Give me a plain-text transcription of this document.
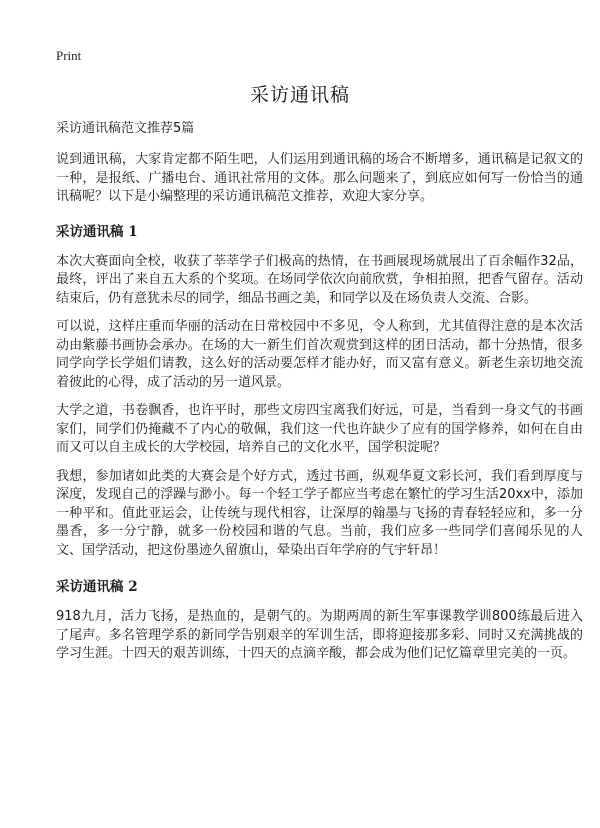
Print
采访通讯稿

采访通讯稿范文推荐5篇

说到通讯稿，大家肯定都不陌生吧，人们运用到通讯稿的场合不断增多，通讯稿是记叙文的一种，是报纸、广播电台、通讯社常用的文体。那么问题来了，到底应如何写一份恰当的通讯稿呢？以下是小编整理的采访通讯稿范文推荐，欢迎大家分享。

采访通讯稿 1

本次大赛面向全校，收获了莘莘学子们极高的热情，在书画展现场就展出了百余幅作32品，最终，评出了来自五大系的个奖项。在场同学依次向前欣赏，争相拍照，把香气留存。活动结束后，仍有意犹未尽的同学，细品书画之美，和同学以及在场负责人交流、合影。

可以说，这样庄重而华丽的活动在日常校园中不多见，令人称到，尤其值得注意的是本次活动由紫藤书画协会承办。在场的大一新生们首次观赏到这样的团日活动，都十分热情，很多同学向学长学姐们请教，这么好的活动要怎样才能办好，而又富有意义。新老生亲切地交流着彼此的心得，成了活动的另一道风景。

大学之道，书卷飘香，也许平时，那些文房四宝离我们好远，可是，当看到一身文气的书画家们，同学们仍掩藏不了内心的敬佩，我们这一代也许缺少了应有的国学修养，如何在自由而又可以自主成长的大学校园，培养自己的文化水平，国学积淀呢？

我想，参加诸如此类的大赛会是个好方式，透过书画，纵观华夏文彩长河，我们看到厚度与深度，发现自己的浮躁与渺小。每一个轻工学子都应当考虑在繁忙的学习生活20xx中，添加一种平和。值此亚运会，让传统与现代相容，让深厚的翰墨与飞扬的青春轻轻应和，多一分墨香，多一分宁静，就多一份校园和谐的气息。当前，我们应多一些同学们喜闻乐见的人文、国学活动，把这份墨迹久留旗山，晕染出百年学府的气宇轩昂！

采访通讯稿 2

918九月，活力飞扬，是热血的，是朝气的。为期两周的新生军事课教学训800练最后进入了尾声。多名管理学系的新同学告别艰辛的军训生活，即将迎接那多彩、同时又充满挑战的学习生涯。十四天的艰苦训练，十四天的点滴辛酸，都会成为他们记忆篇章里完美的一页。
